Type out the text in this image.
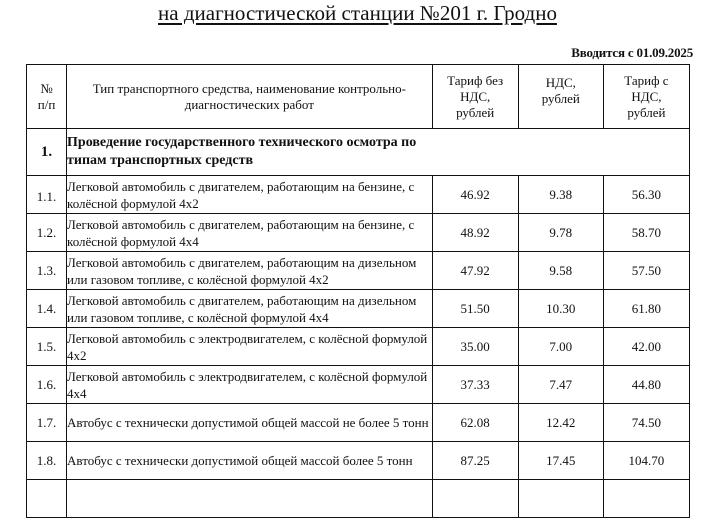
на диагностической станции №201 г. Гродно
Вводится с 01.09.2025
№ п/п	Тип транспортного средства, наименование контрольно-диагностических работ	Тариф без НДС, рублей	НДС, рублей	Тариф с НДС, рублей

1.	Проведение государственного технического осмотра по типам транспортных средств			

1.1.	Легковой автомобиль с двигателем, работающим на бензине, с колёсной формулой 4x2	46.92	9.38	56.30
1.2.	Легковой автомобиль с двигателем, работающим на бензине, с колёсной формулой 4x4	48.92	9.78	58.70
1.3.	Легковой автомобиль с двигателем, работающим на дизельном или газовом топливе, с колёсной формулой 4x2	47.92	9.58	57.50
1.4.	Легковой автомобиль с двигателем, работающим на дизельном или газовом топливе, с колёсной формулой 4x4	51.50	10.30	61.80
1.5.	Легковой автомобиль с электродвигателем, с колёсной формулой 4x2	35.00	7.00	42.00
1.6.	Легковой автомобиль с электродвигателем, с колёсной формулой 4x4	37.33	7.47	44.80
1.7.	Автобус с технически допустимой общей массой не более 5 тонн	62.08	12.42	74.50
1.8.	Автобус с технически допустимой общей массой более 5 тонн	87.25	17.45	104.70
